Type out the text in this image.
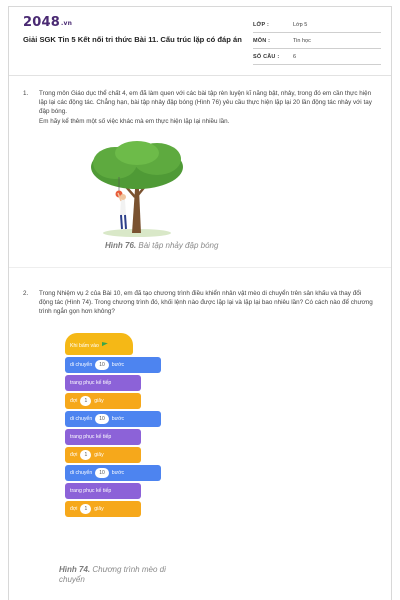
2048.vn
Giải SGK Tin 5 Kết nối tri thức Bài 11. Cấu trúc lặp có đáp án
LỚP :	Lớp 5
MÔN :	Tin học
SỐ CÂU : 6
1. Trong môn Giáo dục thể chất 4, em đã làm quen với các bài tập rèn luyện kĩ năng bật, nhảy, trong đó em cần thực hiện lặp lại các động tác. Chẳng hạn, bài tập nhảy đập bóng (Hình 76) yêu cầu thực hiện lặp lại 20 lần động tác nhảy với tay đập bóng.
Em hãy kể thêm một số việc khác mà em thực hiện lặp lại nhiều lần.
Hình 76. Bài tập nhảy đập bóng
2. Trong Nhiệm vụ 2 của Bài 10, em đã tạo chương trình điều khiển nhân vật mèo di chuyển trên sân khấu và thay đổi động tác (Hình 74). Trong chương trình đó, khối lệnh nào được lặp lại và lặp lại bao nhiêu lần? Có cách nào để chương trình ngắn gọn hơn không?
Khi bấm vào
di chuyển 10 bước
trang phục kế tiếp
đợi 1 giây
di chuyển 10 bước
trang phục kế tiếp
đợi 1 giây
di chuyển 10 bước
trang phục kế tiếp
đợi 1 giây
Hình 74. Chương trình mèo di chuyển
